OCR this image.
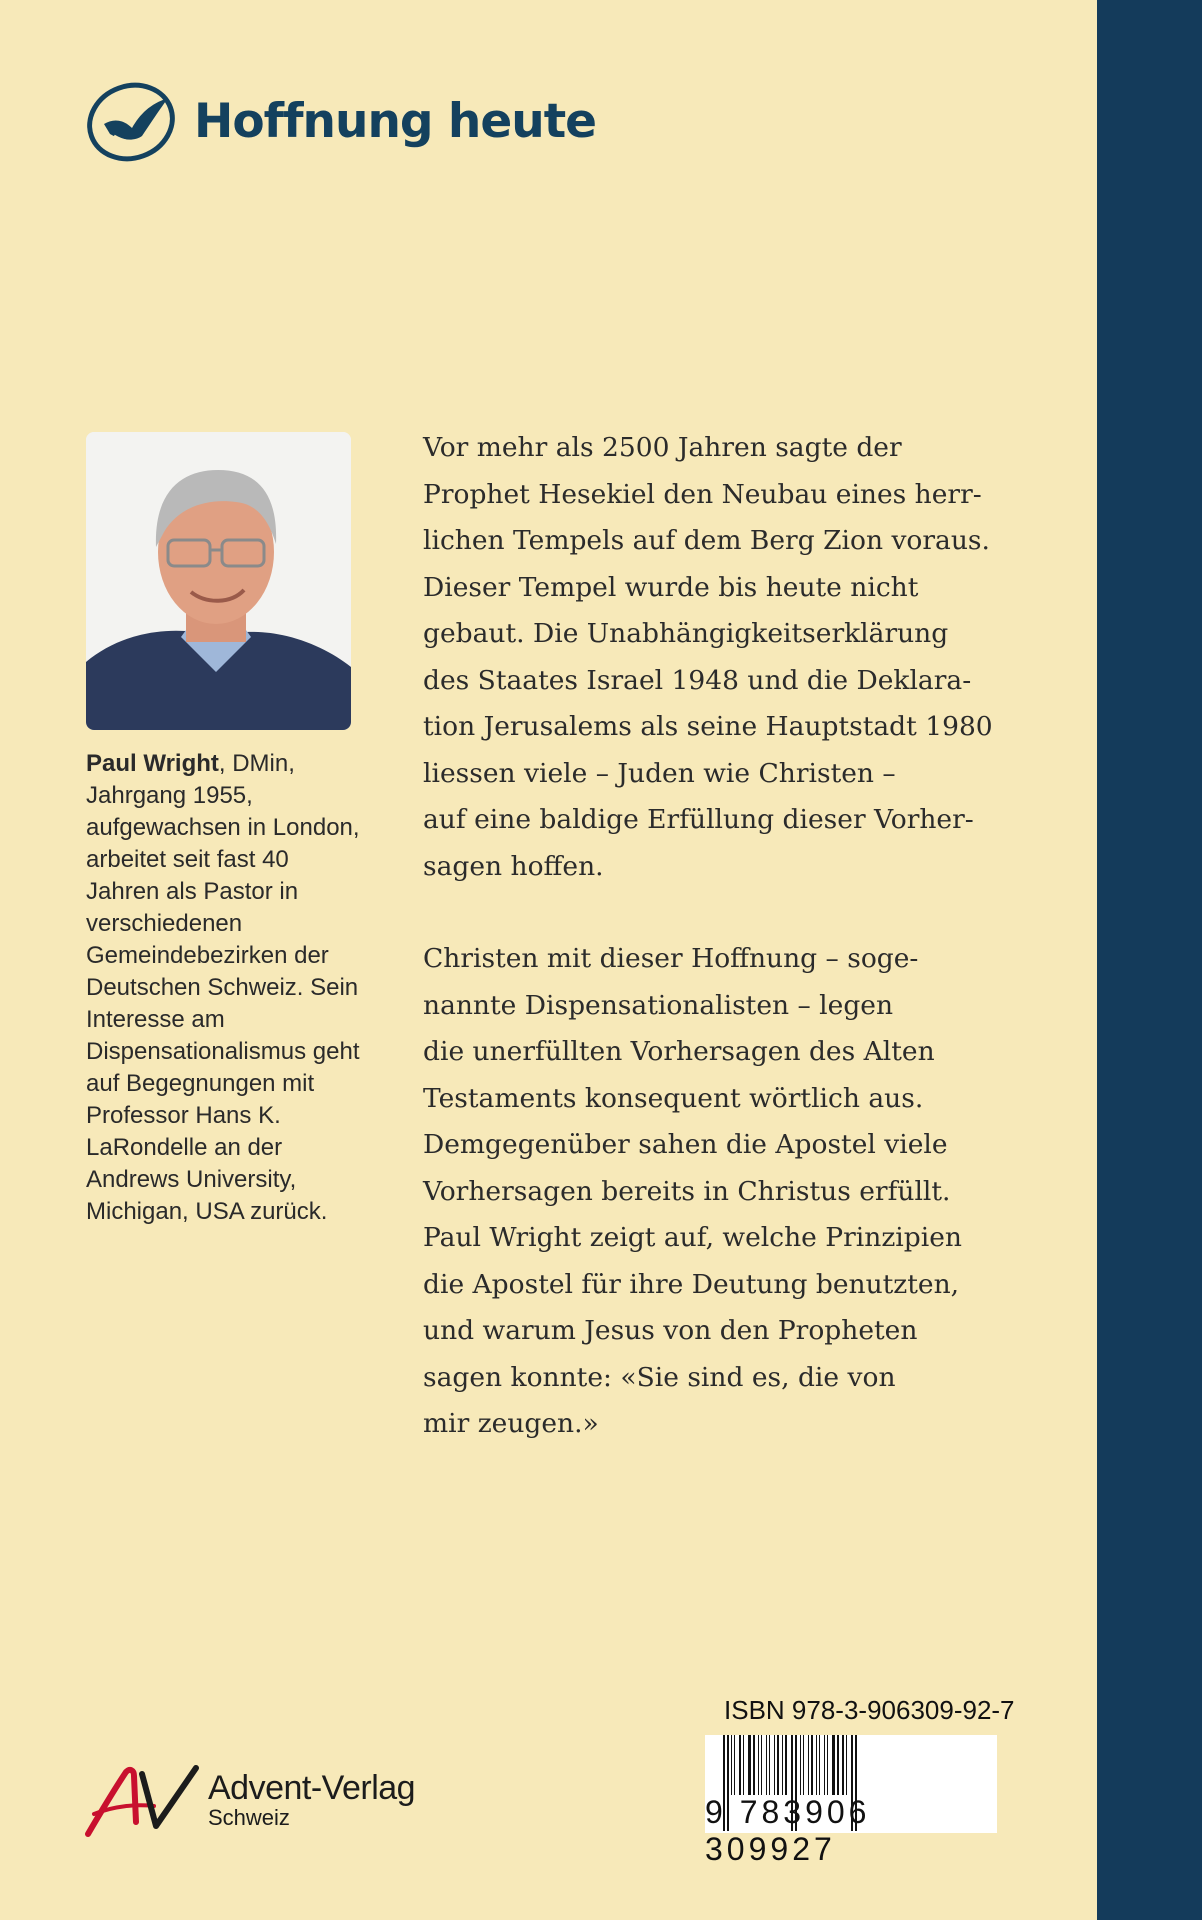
Hoffnung heute

Paul Wright, DMin, Jahrgang 1955, aufgewachsen in London, arbeitet seit fast 40 Jahren als Pastor in verschiedenen Gemeindebezirken der Deutschen Schweiz. Sein Interesse am Dispensationalismus geht auf Begegnungen mit Professor Hans K. LaRondelle an der Andrews University, Michigan, USA zurück.

Vor mehr als 2500 Jahren sagte der
Prophet Hesekiel den Neubau eines herr-
lichen Tempels auf dem Berg Zion voraus.
Dieser Tempel wurde bis heute nicht
gebaut. Die Unabhängigkeitserklärung
des Staates Israel 1948 und die Deklara-
tion Jerusalems als seine Hauptstadt 1980
liessen viele – Juden wie Christen –
auf eine baldige Erfüllung dieser Vorher-
sagen hoffen.

Christen mit dieser Hoffnung – soge-
nannte Dispensationalisten – legen
die unerfüllten Vorhersagen des Alten
Testaments konsequent wörtlich aus.
Demgegenüber sahen die Apostel viele
Vorhersagen bereits in Christus erfüllt.
Paul Wright zeigt auf, welche Prinzipien
die Apostel für ihre Deutung benutzten,
und warum Jesus von den Propheten
sagen konnte: «Sie sind es, die von
mir zeugen.»

Advent-Verlag
Schweiz
ISBN 978-3-906309-92-7
9 783906 309927
